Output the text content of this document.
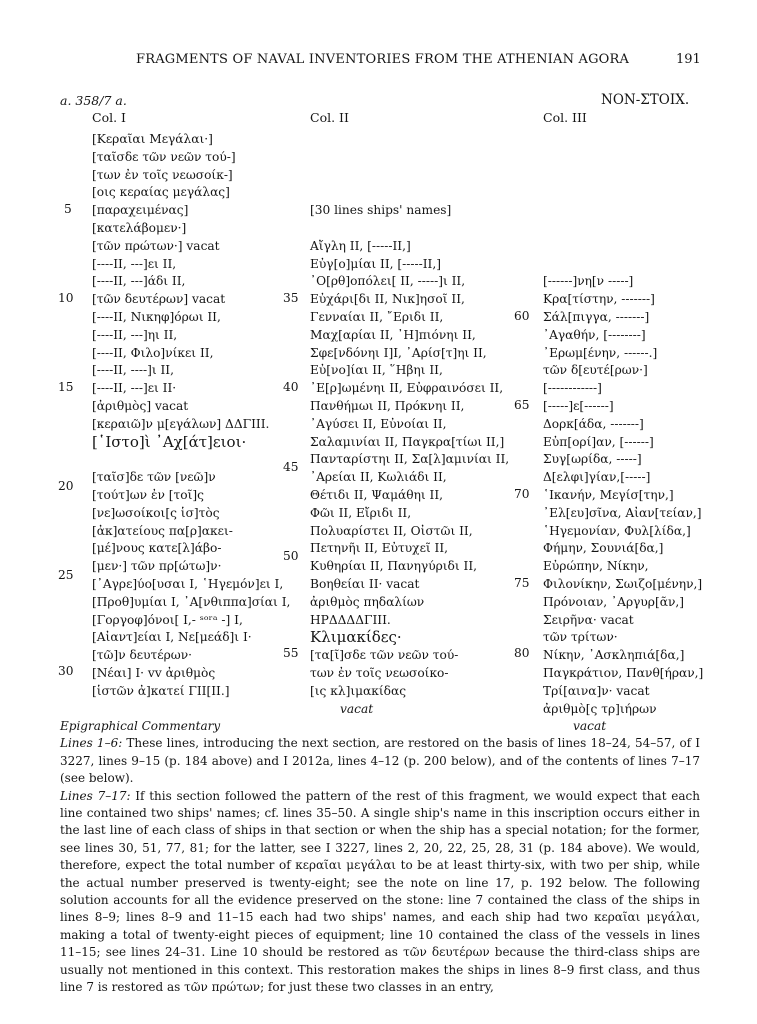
FRAGMENTS OF NAVAL INVENTORIES FROM THE ATHENIAN AGORA	191
a. 358/7 a.	NON-ΣΤΟΙΧ.
Col. I	Col. II	Col. III
[Κεραῖαι Μεγάλαι·]
[ταῖσδε τῶν νεῶν τού-]
[των ἐν τοῖς νεωσοίκ-]
[οις κεραίας μεγάλας]
[παραχειμένας]
[κατελάβομεν·]
[τῶν πρώτων·] vacat
[----ΙΙ, ---]ει ΙΙ,
[----ΙΙ, ---]άδι ΙΙ,
[τῶν δευτέρων] vacat
[----ΙΙ, Νικηφ]όρωι ΙΙ,
[----ΙΙ, ---]ηι ΙΙ,
[----ΙΙ, Φιλο]νίκει ΙΙ,
[----ΙΙ, ----]ι ΙΙ,
[----ΙΙ, ---]ει ΙΙ·
[ἀριθμὸς] vacat
[κεραιῶ]ν μ[εγάλων] ΔΔΓΙΙΙ.
[῾Ιστο]ὶ ᾿Αχ[άτ]ειοι·

[ταῖσ]δε τῶν [νεῶ]ν
[τούτ]ων ἐν [τοῖ]ς
[νε]ωσοίκοι[ς ἱσ]τὸς
[ἀκ]ατείους πα[ρ]ακει-
[μέ]νους κατε[λ]άβο-
[μεν·] τῶν πρ[ώτω]ν·
[᾿Αγρε]ύο[υσαι Ι, ῾Ηγεμόν]ει Ι,
[Προθ]υμίαι Ι, ᾿Α[νθιππα]σίαι Ι,
[Γοργοφ]όνοι[ Ι,- ˢᵒʳᵃ -] Ι,
[Αἰαντ]είαι Ι, Νε[μεάδ]ι Ι·
[τῶ]ν δευτέρων·
[Νέαι] Ι· vv ἀριθμὸς
[ἱστῶν ἀ]κατεί ΓΙΙ[ΙΙ.]

[30 lines ships' names]

Αἴγλη ΙΙ, [-----ΙΙ,]
Εὐγ[ο]μίαι ΙΙ, [-----ΙΙ,]
᾿Ο[ρθ]οπόλει[ ΙΙ, -----]ι ΙΙ,
Εὐχάρι[δι ΙΙ, Νικ]ησοῖ ΙΙ,
Γενναίαι ΙΙ, ῎Εριδι ΙΙ,
Μαχ[αρίαι ΙΙ, ᾿Η]πιόνηι ΙΙ,
Σφε[νδόνηι Ι]Ι, ᾿Αρίσ[τ]ηι ΙΙ,
Εὐ[νο]ίαι ΙΙ, ῞Ηβηι ΙΙ,
᾿Ε[ρ]ωμένηι ΙΙ, Εὐφραινόσει ΙΙ,
Πανθήμωι ΙΙ, Πρόκνηι ΙΙ,
᾿Αγύσει ΙΙ, Εὐνοίαι ΙΙ,
Σαλαμινίαι ΙΙ, Παγκρα[τίωι ΙΙ,]
Πανταρίστηι ΙΙ, Σα[λ]αμινίαι ΙΙ,
᾿Αρείαι ΙΙ, Κωλιάδι ΙΙ,
Θέτιδι ΙΙ, Ψαμάθηι ΙΙ,
Φῶι ΙΙ, Εἴριδι ΙΙ,
Πολυαρίστει ΙΙ, Οἰστῶι ΙΙ,
Πετηνῆι ΙΙ, Εὐτυχεῖ ΙΙ,
Κυθηρίαι ΙΙ, Πανηγύριδι ΙΙ,
Βοηθείαι ΙΙ· vacat
ἀριθμὸς πηδαλίων
ΗΡΔΔΔΔΓΙΙΙ.
Κλιμακίδες·
[τα[ῖ]σδε τῶν νεῶν τού-
των ἐν τοῖς νεωσοίκο-
[ις κλ]ιμακίδας
vacat

[------]νη[ν -----]
Κρα[τίστην, -------]
Σάλ[πιγγα, -------]
᾿Αγαθήν, [--------]
᾿Ερωμ[ένην, ------.]
τῶν δ[ευτέ[ρων·]
[------------]
[-----]ε[------]
Δορκ[άδα, -------]
Εὐπ[ορί]αν, [------]
Συγ[ωρίδα, -----]
Δ[ελφι]γίαν,[-----]
῾Ικανήν, Μεγίσ[την,]
᾿Ελ[ευ]σῖνα, Αἰαν[τείαν,]
῾Ηγεμονίαν, Φυλ[λίδα,]
Φήμην, Σουνιά[δα,]
Εὐρώπην, Νίκην,
Φιλονίκην, Σωιζο[μένην,]
Πρόνοιαν, ᾿Αργυρ[ᾶν,]
Σειρῆνα· vacat
τῶν τρίτων·
Νίκην, ᾿Ασκληπιά[δα,]
Παγκράτιον, Πανθ[ήραν,]
Τρί[αινα]ν· vacat
ἀριθμὸ[ς τρ]ιήρων
vacat
5
10
15
20
25
30
35
40
45
50
55
60
65
70
75
80

Epigraphical Commentary

Lines 1–6: These lines, introducing the next section, are restored on the basis of lines 18–24, 54–57, of I 3227, lines 9–15 (p. 184 above) and I 2012a, lines 4–12 (p. 200 below), and of the contents of lines 7–17 (see below).

Lines 7–17: If this section followed the pattern of the rest of this fragment, we would expect that each line contained two ships' names; cf. lines 35–50. A single ship's name in this inscription occurs either in the last line of each class of ships in that section or when the ship has a special notation; for the former, see lines 30, 51, 77, 81; for the latter, see I 3227, lines 2, 20, 22, 25, 28, 31 (p. 184 above). We would, therefore, expect the total number of κεραῖαι μεγάλαι to be at least thirty-six, with two per ship, while the actual number preserved is twenty-eight; see the note on line 17, p. 192 below. The following solution accounts for all the evidence preserved on the stone: line 7 contained the class of the ships in lines 8–9; lines 8–9 and 11–15 each had two ships' names, and each ship had two κεραῖαι μεγάλαι, making a total of twenty-eight pieces of equipment; line 10 contained the class of the vessels in lines 11–15; see lines 24–31. Line 10 should be restored as τῶν δευτέρων because the third-class ships are usually not mentioned in this context. This restoration makes the ships in lines 8–9 first class, and thus line 7 is restored as τῶν πρώτων; for just these two classes in an entry,
